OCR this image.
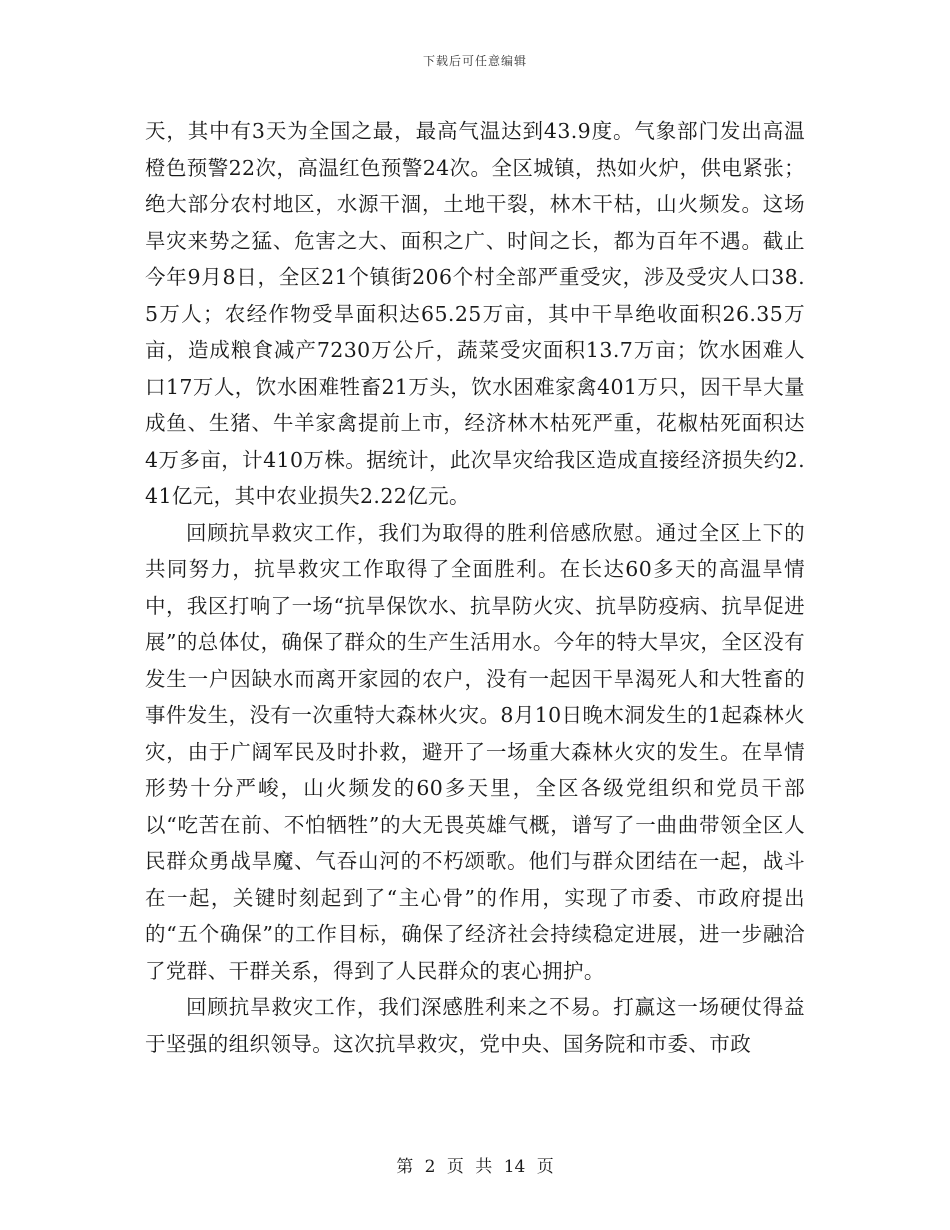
下载后可任意编辑

天，其中有3天为全国之最，最高气温达到43.9度。气象部门发出高温橙色预警22次，高温红色预警24次。全区城镇，热如火炉，供电紧张；绝大部分农村地区，水源干涸，土地干裂，林木干枯，山火频发。这场旱灾来势之猛、危害之大、面积之广、时间之长，都为百年不遇。截止今年9月8日，全区21个镇街206个村全部严重受灾，涉及受灾人口38.5万人；农经作物受旱面积达65.25万亩，其中干旱绝收面积26.35万亩，造成粮食减产7230万公斤，蔬菜受灾面积13.7万亩；饮水困难人口17万人，饮水困难牲畜21万头，饮水困难家禽401万只，因干旱大量成鱼、生猪、牛羊家禽提前上市，经济林木枯死严重，花椒枯死面积达4万多亩，计410万株。据统计，此次旱灾给我区造成直接经济损失约2.41亿元，其中农业损失2.22亿元。

回顾抗旱救灾工作，我们为取得的胜利倍感欣慰。通过全区上下的共同努力，抗旱救灾工作取得了全面胜利。在长达60多天的高温旱情中，我区打响了一场“抗旱保饮水、抗旱防火灾、抗旱防疫病、抗旱促进展”的总体仗，确保了群众的生产生活用水。今年的特大旱灾，全区没有发生一户因缺水而离开家园的农户，没有一起因干旱渴死人和大牲畜的事件发生，没有一次重特大森林火灾。8月10日晚木洞发生的1起森林火灾，由于广阔军民及时扑救，避开了一场重大森林火灾的发生。在旱情形势十分严峻，山火频发的60多天里，全区各级党组织和党员干部以“吃苦在前、不怕牺牲”的大无畏英雄气概，谱写了一曲曲带领全区人民群众勇战旱魔、气吞山河的不朽颂歌。他们与群众团结在一起，战斗在一起，关键时刻起到了“主心骨”的作用，实现了市委、市政府提出的“五个确保”的工作目标，确保了经济社会持续稳定进展，进一步融洽了党群、干群关系，得到了人民群众的衷心拥护。

回顾抗旱救灾工作，我们深感胜利来之不易。打赢这一场硬仗得益于坚强的组织领导。这次抗旱救灾，党中央、国务院和市委、市政

第 2 页 共 14 页
